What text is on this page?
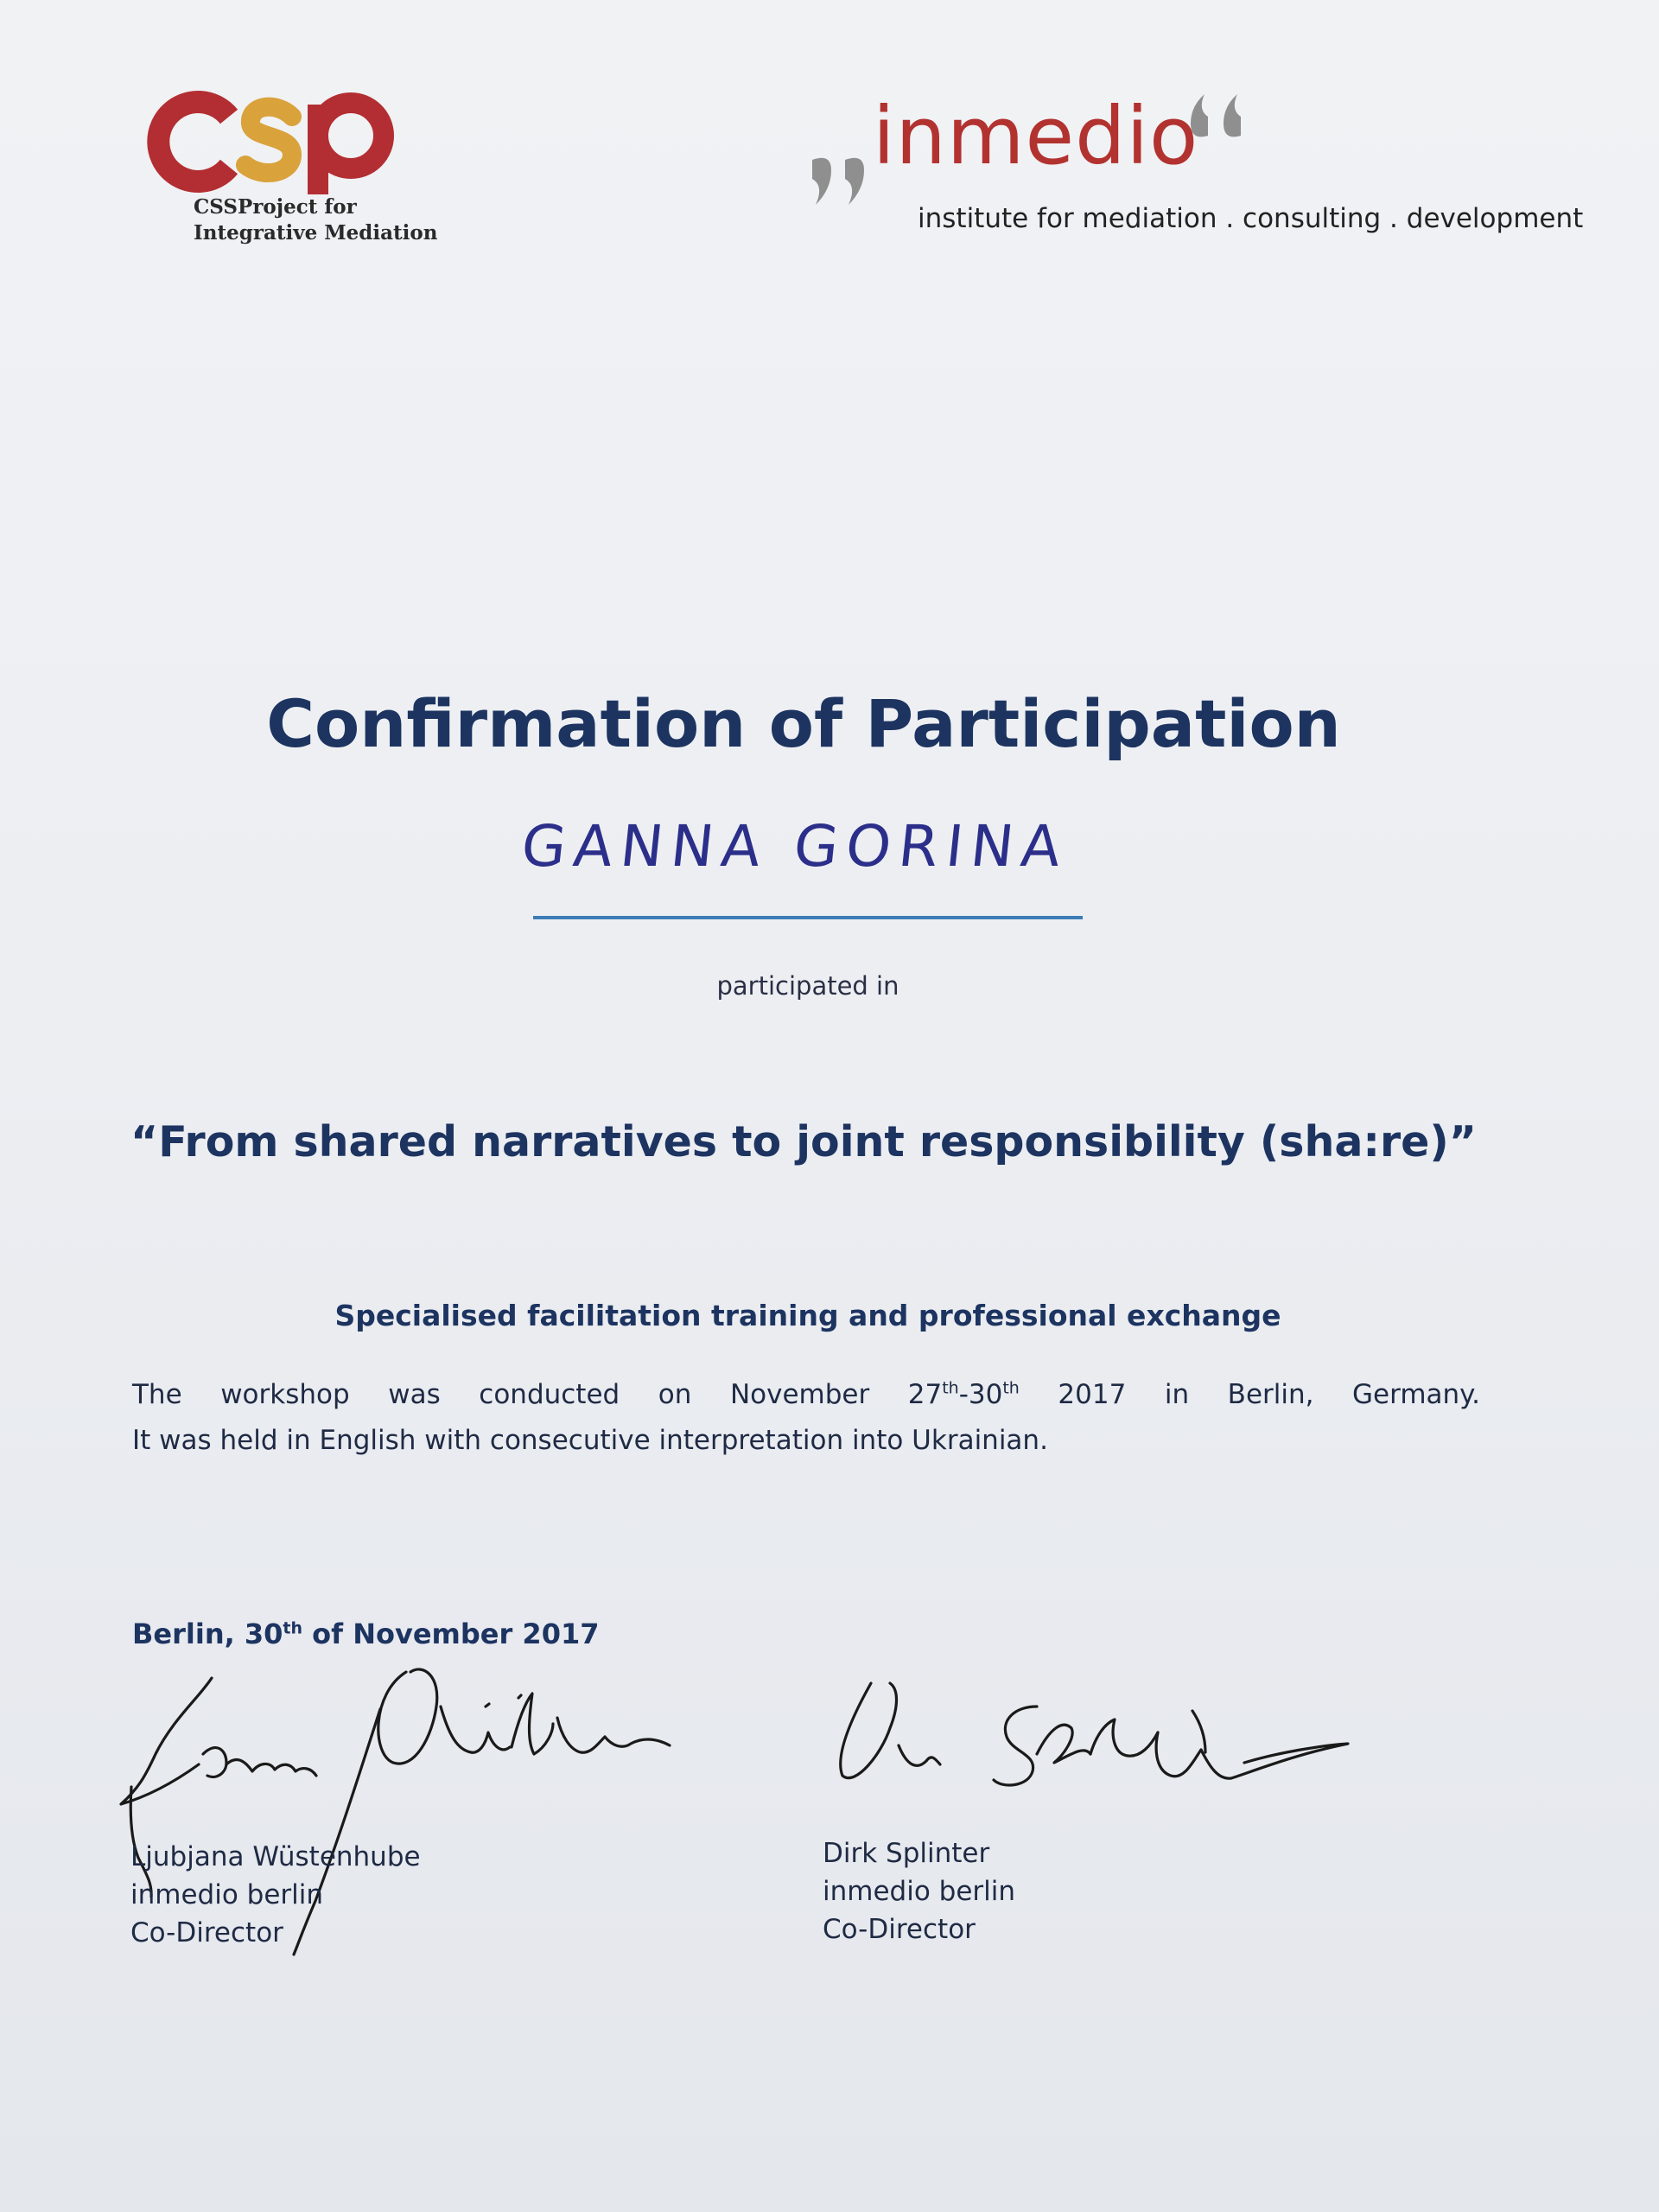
CSSProject for
Integrative Mediation
inmedio
institute for mediation . consulting . development
Confirmation of Participation
GANNA GORINA
participated in
“From shared narratives to joint responsibility (sha:re)”
Specialised facilitation training and professional exchange
The workshop was conducted on November 27th-30th 2017 in Berlin, Germany.
It was held in English with consecutive interpretation into Ukrainian.
Berlin, 30th of November 2017
Ljubjana Wüstenhube
inmedio berlin
Co-Director
Dirk Splinter
inmedio berlin
Co-Director
